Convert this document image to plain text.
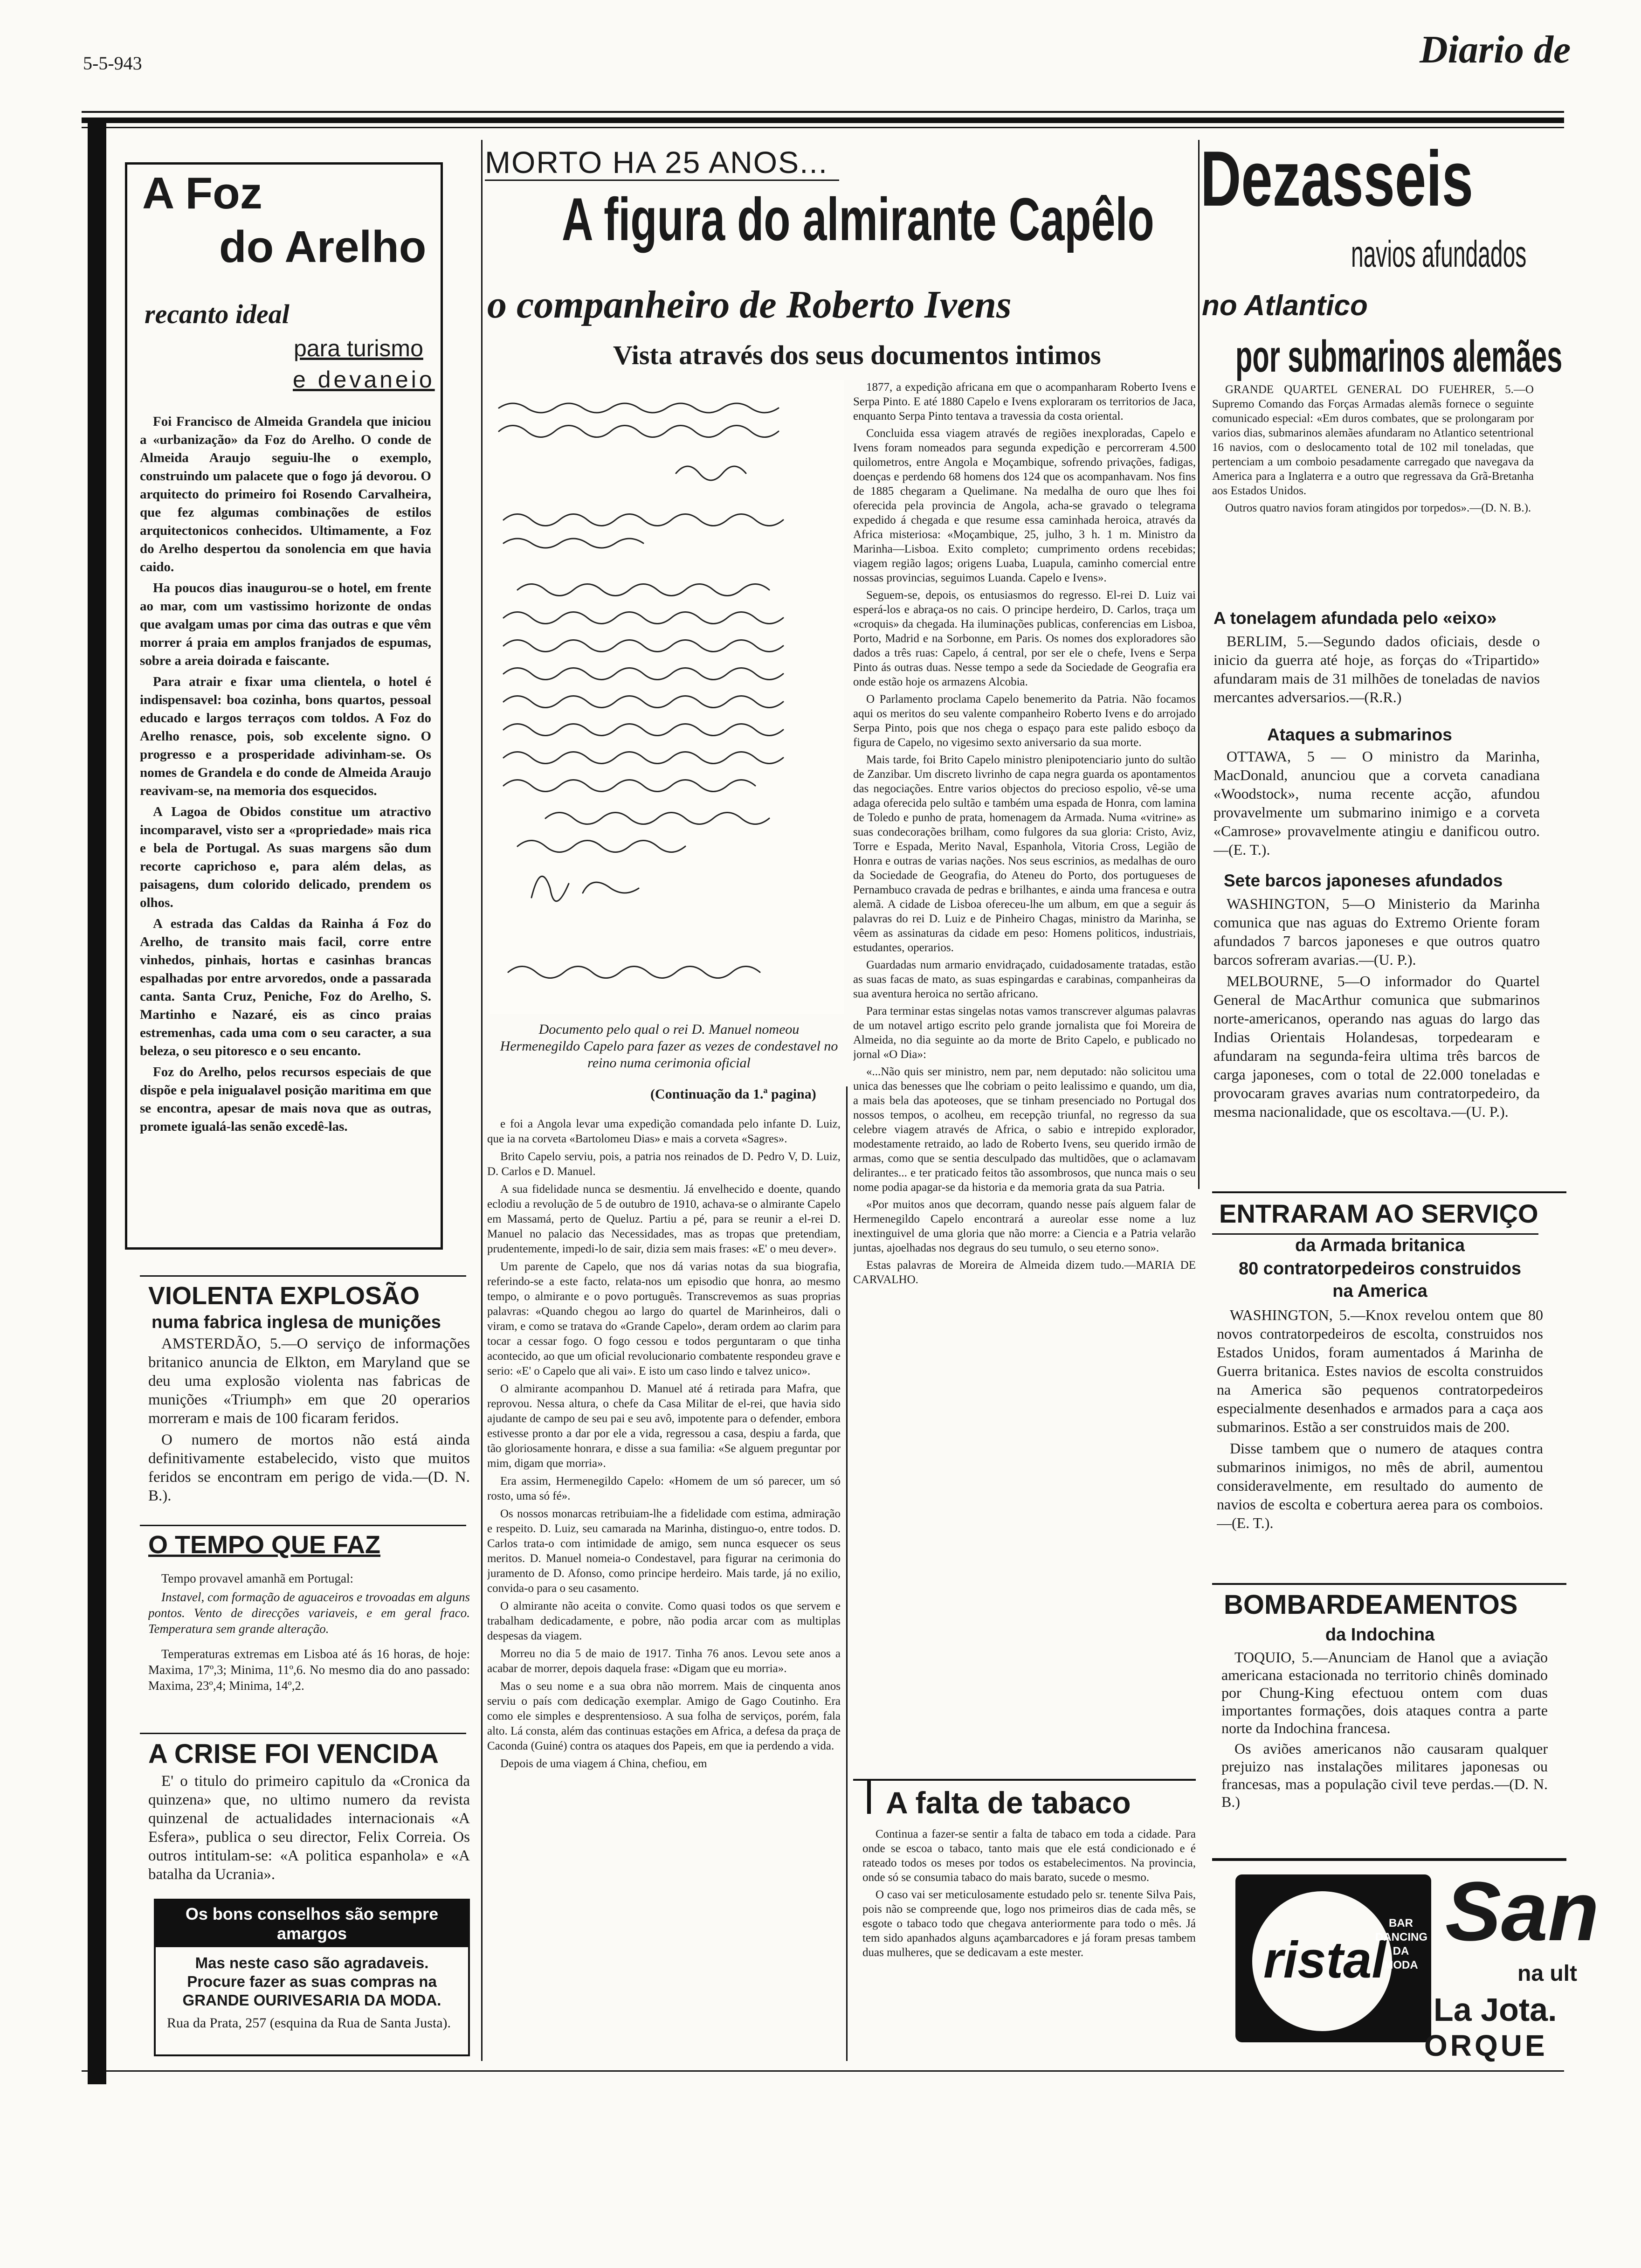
5-5-943	Diario de
A Foz
do Arelho
recanto ideal
para turismo
e devaneio

Foi Francisco de Almeida Grandela que iniciou a «urbanização» da Foz do Arelho. O conde de Almeida Araujo seguiu-lhe o exemplo, construindo um palacete que o fogo já devorou. O arquitecto do primeiro foi Rosendo Carvalheira, que fez algumas combinações de estilos arquitectonicos conhecidos. Ultimamente, a Foz do Arelho despertou da sonolencia em que havia caido.

Ha poucos dias inaugurou-se o hotel, em frente ao mar, com um vastissimo horizonte de ondas que avalgam umas por cima das outras e que vêm morrer á praia em amplos franjados de espumas, sobre a areia doirada e faiscante.

Para atrair e fixar uma clientela, o hotel é indispensavel: boa cozinha, bons quartos, pessoal educado e largos terraços com toldos. A Foz do Arelho renasce, pois, sob excelente signo. O progresso e a prosperidade adivinham-se. Os nomes de Grandela e do conde de Almeida Araujo reavivam-se, na memoria dos esquecidos.

A Lagoa de Obidos constitue um atractivo incomparavel, visto ser a «propriedade» mais rica e bela de Portugal. As suas margens são dum recorte caprichoso e, para além delas, as paisagens, dum colorido delicado, prendem os olhos.

A estrada das Caldas da Rainha á Foz do Arelho, de transito mais facil, corre entre vinhedos, pinhais, hortas e casinhas brancas espalhadas por entre arvoredos, onde a passarada canta. Santa Cruz, Peniche, Foz do Arelho, S. Martinho e Nazaré, eis as cinco praias estremenhas, cada uma com o seu caracter, a sua beleza, o seu pitoresco e o seu encanto.

Foz do Arelho, pelos recursos especiais de que dispõe e pela inigualavel posição maritima em que se encontra, apesar de mais nova que as outras, promete igualá-las senão excedê-las.

VIOLENTA EXPLOSÃO
numa fabrica inglesa de munições

AMSTERDÃO, 5.—O serviço de informações britanico anuncia de Elkton, em Maryland que se deu uma explosão violenta nas fabricas de munições «Triumph» em que 20 operarios morreram e mais de 100 ficaram feridos.

O numero de mortos não está ainda definitivamente estabelecido, visto que muitos feridos se encontram em perigo de vida.—(D. N. B.).

O TEMPO QUE FAZ

Tempo provavel amanhã em Portugal:

Instavel, com formação de aguaceiros e trovoadas em alguns pontos. Vento de direcções variaveis, e em geral fraco. Temperatura sem grande alteração.

Temperaturas extremas em Lisboa até ás 16 horas, de hoje: Maxima, 17º,3; Minima, 11º,6. No mesmo dia do ano passado: Maxima, 23º,4; Minima, 14º,2.

A CRISE FOI VENCIDA

E' o titulo do primeiro capitulo da «Cronica da quinzena» que, no ultimo numero da revista quinzenal de actualidades internacionais «A Esfera», publica o seu director, Felix Correia. Os outros intitulam-se: «A politica espanhola» e «A batalha da Ucrania».

Os bons conselhos são sempre amargos
Mas neste caso são agradaveis. Procure fazer as suas compras na GRANDE OURIVESARIA DA MODA.
Rua da Prata, 257 (esquina da Rua de Santa Justa).
MORTO HA 25 ANOS...
A figura do almirante Capêlo
o companheiro de Roberto Ivens
Vista através dos seus documentos intimos

Documento pelo qual o rei D. Manuel nomeou Hermenegildo Capelo para fazer as vezes de condestavel no reino numa cerimonia oficial

(Continuação da 1.ª pagina)

e foi a Angola levar uma expedição comandada pelo infante D. Luiz, que ia na corveta «Bartolomeu Dias» e mais a corveta «Sagres».

Brito Capelo serviu, pois, a patria nos reinados de D. Pedro V, D. Luiz, D. Carlos e D. Manuel.

A sua fidelidade nunca se desmentiu. Já envelhecido e doente, quando eclodiu a revolução de 5 de outubro de 1910, achava-se o almirante Capelo em Massamá, perto de Queluz. Partiu a pé, para se reunir a el-rei D. Manuel no palacio das Necessidades, mas as tropas que pretendiam, prudentemente, impedi-lo de sair, dizia sem mais frases: «E' o meu dever».

Um parente de Capelo, que nos dá varias notas da sua biografia, referindo-se a este facto, relata-nos um episodio que honra, ao mesmo tempo, o almirante e o povo português. Transcrevemos as suas proprias palavras: «Quando chegou ao largo do quartel de Marinheiros, dali o viram, e como se tratava do «Grande Capelo», deram ordem ao clarim para tocar a cessar fogo. O fogo cessou e todos perguntaram o que tinha acontecido, ao que um oficial revolucionario combatente respondeu grave e serio: «E' o Capelo que ali vai». E isto um caso lindo e talvez unico».

O almirante acompanhou D. Manuel até á retirada para Mafra, que reprovou. Nessa altura, o chefe da Casa Militar de el-rei, que havia sido ajudante de campo de seu pai e seu avô, impotente para o defender, embora estivesse pronto a dar por ele a vida, regressou a casa, despiu a farda, que tão gloriosamente honrara, e disse a sua familia: «Se alguem preguntar por mim, digam que morria».

Era assim, Hermenegildo Capelo: «Homem de um só parecer, um só rosto, uma só fé».

Os nossos monarcas retribuiam-lhe a fidelidade com estima, admiração e respeito. D. Luiz, seu camarada na Marinha, distinguo-o, entre todos. D. Carlos trata-o com intimidade de amigo, sem nunca esquecer os seus meritos. D. Manuel nomeia-o Condestavel, para figurar na cerimonia do juramento de D. Afonso, como principe herdeiro. Mais tarde, já no exilio, convida-o para o seu casamento.

O almirante não aceita o convite. Como quasi todos os que servem e trabalham dedicadamente, e pobre, não podia arcar com as multiplas despesas da viagem.

Morreu no dia 5 de maio de 1917. Tinha 76 anos. Levou sete anos a acabar de morrer, depois daquela frase: «Digam que eu morria».

Mas o seu nome e a sua obra não morrem. Mais de cinquenta anos serviu o país com dedicação exemplar. Amigo de Gago Coutinho. Era como ele simples e desprentensioso. A sua folha de serviços, porém, fala alto. Lá consta, além das continuas estações em Africa, a defesa da praça de Caconda (Guiné) contra os ataques dos Papeis, em que ia perdendo a vida.

Depois de uma viagem á China, chefiou, em

1877, a expedição africana em que o acompanharam Roberto Ivens e Serpa Pinto. E até 1880 Capelo e Ivens exploraram os territorios de Jaca, enquanto Serpa Pinto tentava a travessia da costa oriental.

Concluida essa viagem através de regiões inexploradas, Capelo e Ivens foram nomeados para segunda expedição e percorreram 4.500 quilometros, entre Angola e Moçambique, sofrendo privações, fadigas, doenças e perdendo 68 homens dos 124 que os acompanhavam. Nos fins de 1885 chegaram a Quelimane. Na medalha de ouro que lhes foi oferecida pela provincia de Angola, acha-se gravado o telegrama expedido á chegada e que resume essa caminhada heroica, através da Africa misteriosa: «Moçambique, 25, julho, 3 h. 1 m. Ministro da Marinha—Lisboa. Exito completo; cumprimento ordens recebidas; viagem região lagos; origens Luaba, Luapula, caminho comercial entre nossas provincias, seguimos Luanda. Capelo e Ivens».

Seguem-se, depois, os entusiasmos do regresso. El-rei D. Luiz vai esperá-los e abraça-os no cais. O principe herdeiro, D. Carlos, traça um «croquis» da chegada. Ha iluminações publicas, conferencias em Lisboa, Porto, Madrid e na Sorbonne, em Paris. Os nomes dos exploradores são dados a três ruas: Capelo, á central, por ser ele o chefe, Ivens e Serpa Pinto ás outras duas. Nesse tempo a sede da Sociedade de Geografia era onde estão hoje os armazens Alcobia.

O Parlamento proclama Capelo benemerito da Patria. Não focamos aqui os meritos do seu valente companheiro Roberto Ivens e do arrojado Serpa Pinto, pois que nos chega o espaço para este palido esboço da figura de Capelo, no vigesimo sexto aniversario da sua morte.

Mais tarde, foi Brito Capelo ministro plenipotenciario junto do sultão de Zanzibar. Um discreto livrinho de capa negra guarda os apontamentos das negociações. Entre varios objectos do precioso espolio, vê-se uma adaga oferecida pelo sultão e também uma espada de Honra, com lamina de Toledo e punho de prata, homenagem da Armada. Numa «vitrine» as suas condecorações brilham, como fulgores da sua gloria: Cristo, Aviz, Torre e Espada, Merito Naval, Espanhola, Vitoria Cross, Legião de Honra e outras de varias nações. Nos seus escrinios, as medalhas de ouro da Sociedade de Geografia, do Ateneu do Porto, dos portugueses de Pernambuco cravada de pedras e brilhantes, e ainda uma francesa e outra alemã. A cidade de Lisboa ofereceu-lhe um album, em que a seguir ás palavras do rei D. Luiz e de Pinheiro Chagas, ministro da Marinha, se vêem as assinaturas da cidade em peso: Homens politicos, industriais, estudantes, operarios.

Guardadas num armario envidraçado, cuidadosamente tratadas, estão as suas facas de mato, as suas espingardas e carabinas, companheiras da sua aventura heroica no sertão africano.

Para terminar estas singelas notas vamos transcrever algumas palavras de um notavel artigo escrito pelo grande jornalista que foi Moreira de Almeida, no dia seguinte ao da morte de Brito Capelo, e publicado no jornal «O Dia»:

«...Não quis ser ministro, nem par, nem deputado: não solicitou uma unica das benesses que lhe cobriam o peito lealissimo e quando, um dia, a mais bela das apoteoses, que se tinham presenciado no Portugal dos nossos tempos, o acolheu, em recepção triunfal, no regresso da sua celebre viagem através de Africa, o sabio e intrepido explorador, modestamente retraido, ao lado de Roberto Ivens, seu querido irmão de armas, como que se sentia desculpado das multidões, que o aclamavam delirantes... e ter praticado feitos tão assombrosos, que nunca mais o seu nome podia apagar-se da historia e da memoria grata da sua Patria.

«Por muitos anos que decorram, quando nesse país alguem falar de Hermenegildo Capelo encontrará a aureolar esse nome a luz inextinguivel de uma gloria que não morre: a Ciencia e a Patria velarão juntas, ajoelhadas nos degraus do seu tumulo, o seu eterno sono».

Estas palavras de Moreira de Almeida dizem tudo.—MARIA DE CARVALHO.

A falta de tabaco

Continua a fazer-se sentir a falta de tabaco em toda a cidade. Para onde se escoa o tabaco, tanto mais que ele está condicionado e é rateado todos os meses por todos os estabelecimentos. Na provincia, onde só se consumia tabaco do mais barato, sucede o mesmo.

O caso vai ser meticulosamente estudado pelo sr. tenente Silva Pais, pois não se compreende que, logo nos primeiros dias de cada mês, se esgote o tabaco todo que chegava anteriormente para todo o mês. Já tem sido apanhados alguns açambarcadores e já foram presas tambem duas mulheres, que se dedicavam a este mester.

Dezasseis
navios afundados
no Atlantico
por submarinos alemães

GRANDE QUARTEL GENERAL DO FUEHRER, 5.—O Supremo Comando das Forças Armadas alemãs fornece o seguinte comunicado especial: «Em duros combates, que se prolongaram por varios dias, submarinos alemães afundaram no Atlantico setentrional 16 navios, com o deslocamento total de 102 mil toneladas, que pertenciam a um comboio pesadamente carregado que navegava da America para a Inglaterra e a outro que regressava da Grã-Bretanha aos Estados Unidos.

Outros quatro navios foram atingidos por torpedos».—(D. N. B.).

A tonelagem afundada pelo «eixo»

BERLIM, 5.—Segundo dados oficiais, desde o inicio da guerra até hoje, as forças do «Tripartido» afundaram mais de 31 milhões de toneladas de navios mercantes adversarios.—(R.R.)

Ataques a submarinos

OTTAWA, 5 — O ministro da Marinha, MacDonald, anunciou que a corveta canadiana «Woodstock», numa recente acção, afundou provavelmente um submarino inimigo e a corveta «Camrose» provavelmente atingiu e danificou outro.—(E. T.).

Sete barcos japoneses afundados

WASHINGTON, 5—O Ministerio da Marinha comunica que nas aguas do Extremo Oriente foram afundados 7 barcos japoneses e que outros quatro barcos sofreram avarias.—(U. P.).

MELBOURNE, 5—O informador do Quartel General de MacArthur comunica que submarinos norte-americanos, operando nas aguas do largo das Indias Orientais Holandesas, torpedearam e afundaram na segunda-feira ultima três barcos de carga japoneses, com o total de 22.000 toneladas e provocaram graves avarias num contratorpedeiro, da mesma nacionalidade, que os escoltava.—(U. P.).

ENTRARAM AO SERVIÇO
da Armada britanica
80 contratorpedeiros construidos
na America

WASHINGTON, 5.—Knox revelou ontem que 80 novos contratorpedeiros de escolta, construidos nos Estados Unidos, foram aumentados á Marinha de Guerra britanica. Estes navios de escolta construidos na America são pequenos contratorpedeiros especialmente desenhados e armados para a caça aos submarinos. Estão a ser construidos mais de 200.

Disse tambem que o numero de ataques contra submarinos inimigos, no mês de abril, aumentou consideravelmente, em resultado do aumento de navios de escolta e cobertura aerea para os comboios.—(E. T.).

BOMBARDEAMENTOS
da Indochina

TOQUIO, 5.—Anunciam de Hanol que a aviação americana estacionada no territorio chinês dominado por Chung-King efectuou ontem com duas importantes formações, dois ataques contra a parte norte da Indochina francesa.

Os aviões americanos não causaram qualquer prejuizo nas instalações militares japonesas ou francesas, mas a população civil teve perdas.—(D. N. B.)

ristal
BAR DANCING DA MODA
San
na ult
La Jota.
ORQUE
